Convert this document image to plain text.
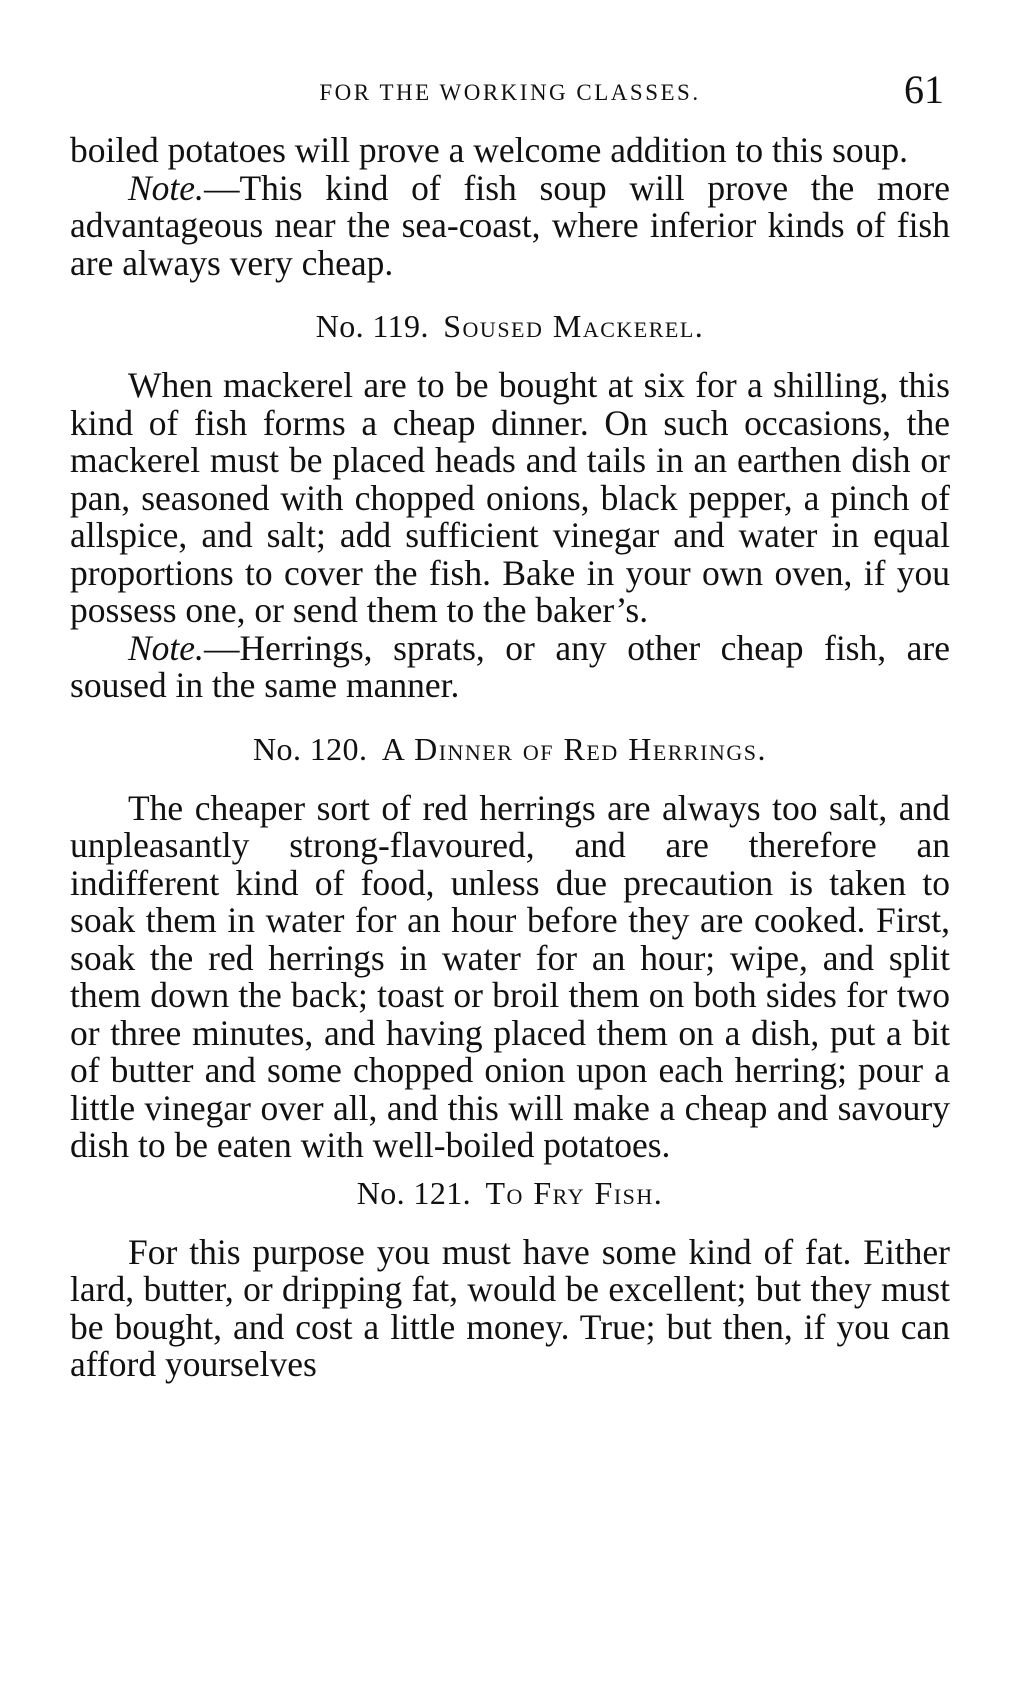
FOR THE WORKING CLASSES.	61

boiled potatoes will prove a welcome addition to this soup.

Note.—This kind of fish soup will prove the more advantageous near the sea-coast, where inferior kinds of fish are always very cheap.

No. 119. Soused Mackerel.

When mackerel are to be bought at six for a shilling, this kind of fish forms a cheap dinner. On such occasions, the mackerel must be placed heads and tails in an earthen dish or pan, seasoned with chopped onions, black pepper, a pinch of allspice, and salt; add sufficient vinegar and water in equal proportions to cover the fish. Bake in your own oven, if you possess one, or send them to the baker’s.

Note.—Herrings, sprats, or any other cheap fish, are soused in the same manner.

No. 120. A Dinner of Red Herrings.

The cheaper sort of red herrings are always too salt, and unpleasantly strong-flavoured, and are therefore an indifferent kind of food, unless due precaution is taken to soak them in water for an hour before they are cooked. First, soak the red herrings in water for an hour; wipe, and split them down the back; toast or broil them on both sides for two or three minutes, and having placed them on a dish, put a bit of butter and some chopped onion upon each herring; pour a little vinegar over all, and this will make a cheap and savoury dish to be eaten with well-boiled potatoes.

No. 121. To Fry Fish.

For this purpose you must have some kind of fat. Either lard, butter, or dripping fat, would be excellent; but they must be bought, and cost a little money. True; but then, if you can afford yourselves
